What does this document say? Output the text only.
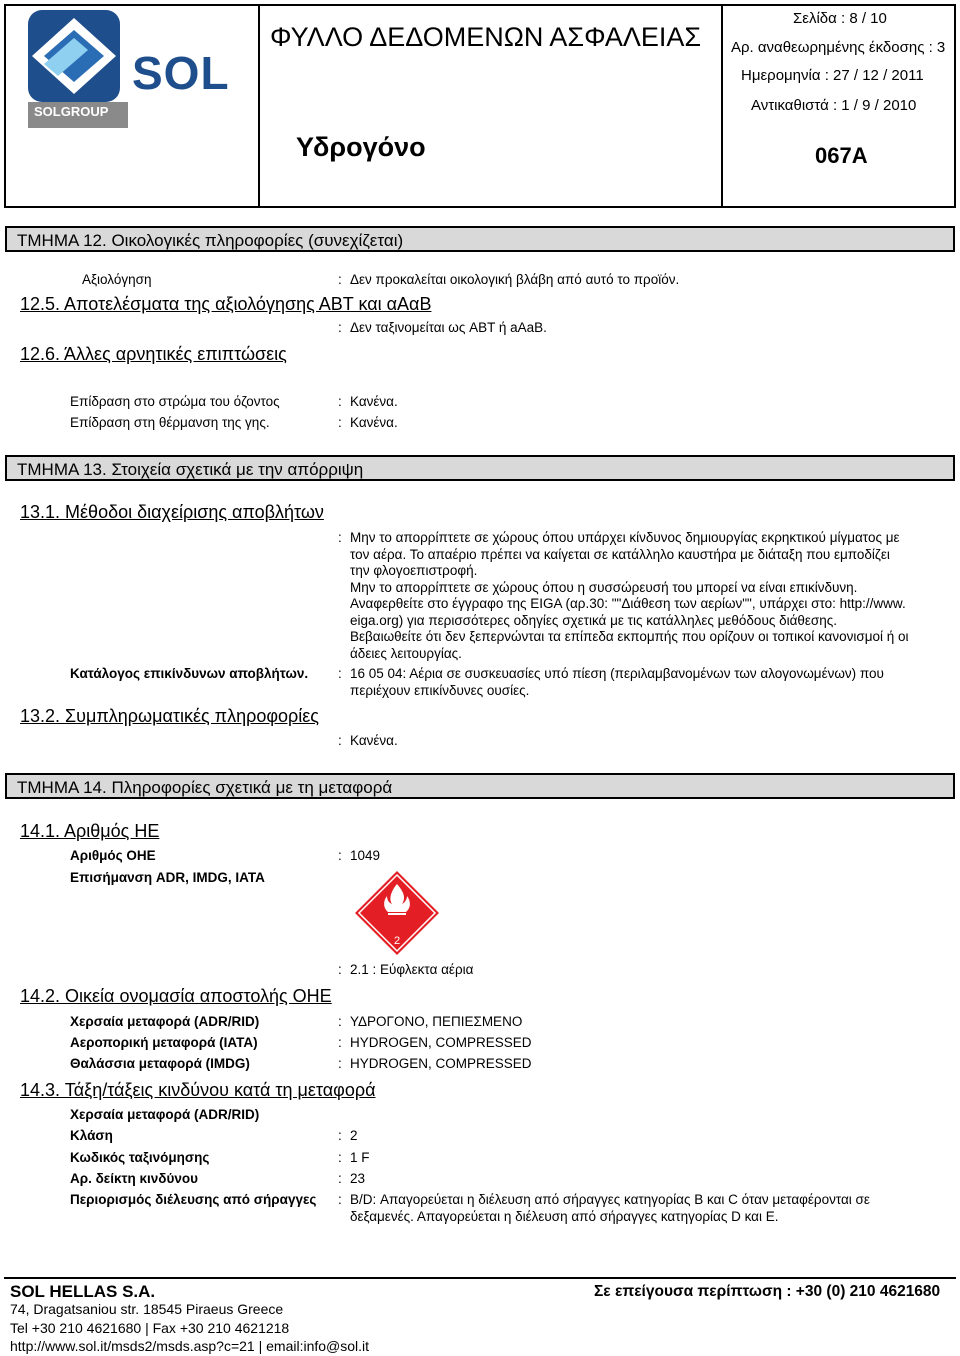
SOL
SOLGROUP
ΦΥΛΛΟ ΔΕΔΟΜΕΝΩΝ ΑΣΦΑΛΕΙΑΣ
Υδρογόνο
Σελίδα : 8 / 10
Αρ. αναθεωρημένης έκδοσης : 3
Ημερομηνία : 27 / 12 / 2011
Αντικαθιστά : 1 / 9 / 2010
067A
ΤΜΗΜΑ 12. Οικολογικές πληροφορίες (συνεχίζεται)
Αξιολόγηση	: Δεν προκαλείται οικολογική βλάβη από αυτό το προϊόν.
12.5. Αποτελέσματα της αξιολόγησης ΑΒΤ και αΑαΒ
: Δεν ταξινομείται ως ABT ή aAaB.
12.6. Άλλες αρνητικές επιπτώσεις
Επίδραση στο στρώμα του όζοντος	: Κανένα.
Επίδραση στη θέρμανση της γης.	: Κανένα.
ΤΜΗΜΑ 13. Στοιχεία σχετικά με την απόρριψη
13.1. Μέθοδοι διαχείρισης αποβλήτων
: Μην το απορρίπτετε σε χώρους όπου υπάρχει κίνδυνος δημιουργίας εκρηκτικού μίγματος με
τον αέρα. Το απαέριο πρέπει να καίγεται σε κατάλληλο καυστήρα με διάταξη που εμποδίζει
την φλογοεπιστροφή.
Μην το απορρίπτετε σε χώρους όπου η συσσώρευσή του μπορεί να είναι επικίνδυνη.
Αναφερθείτε στο έγγραφο της EIGA (αρ.30: ""Διάθεση των αερίων"", υπάρχει στο: http://www.
eiga.org) για περισσότερες οδηγίες σχετικά με τις κατάλληλες μεθόδους διάθεσης.
Βεβαιωθείτε ότι δεν ξεπερνώνται τα επίπεδα εκπομπής που ορίζουν οι τοπικοί κανονισμοί ή οι
άδειες λειτουργίας.
Κατάλογος επικίνδυνων αποβλήτων. : 16 05 04: Αέρια σε συσκευασίες υπό πίεση (περιλαμβανομένων των αλογονωμένων) που
περιέχουν επικίνδυνες ουσίες.
13.2. Συμπληρωματικές πληροφορίες
: Κανένα.
ΤΜΗΜΑ 14. Πληροφορίες σχετικά με τη μεταφορά
14.1. Αριθμός ΗΕ
Αριθμός ΟΗΕ	: 1049
Επισήμανση ADR, IMDG, IATA
2
: 2.1 : Εύφλεκτα αέρια
14.2. Οικεία ονομασία αποστολής ΟΗΕ
Χερσαία μεταφορά (ADR/RID)	: ΥΔΡΟΓΟΝΟ, ΠΕΠΙΕΣΜΕΝΟ
Αεροπορική μεταφορά (IATA)	: HYDROGEN, COMPRESSED
Θαλάσσια μεταφορά (IMDG)	: HYDROGEN, COMPRESSED
14.3. Τάξη/τάξεις κινδύνου κατά τη μεταφορά
Χερσαία μεταφορά (ADR/RID)
Κλάση	: 2
Κωδικός ταξινόμησης	: 1 F
Αρ. δείκτη κινδύνου	: 23
Περιορισμός διέλευσης από σήραγγες : B/D: Απαγορεύεται η διέλευση από σήραγγες κατηγορίας B και C όταν μεταφέρονται σε
δεξαμενές. Απαγορεύεται η διέλευση από σήραγγες κατηγορίας D και E.
SOL HELLAS S.A.	Σε επείγουσα περίπτωση : +30 (0) 210 4621680
74, Dragatsaniou str. 18545 Piraeus Greece
Tel +30 210 4621680 | Fax +30 210 4621218
http://www.sol.it/msds2/msds.asp?c=21 | email:info@sol.it
